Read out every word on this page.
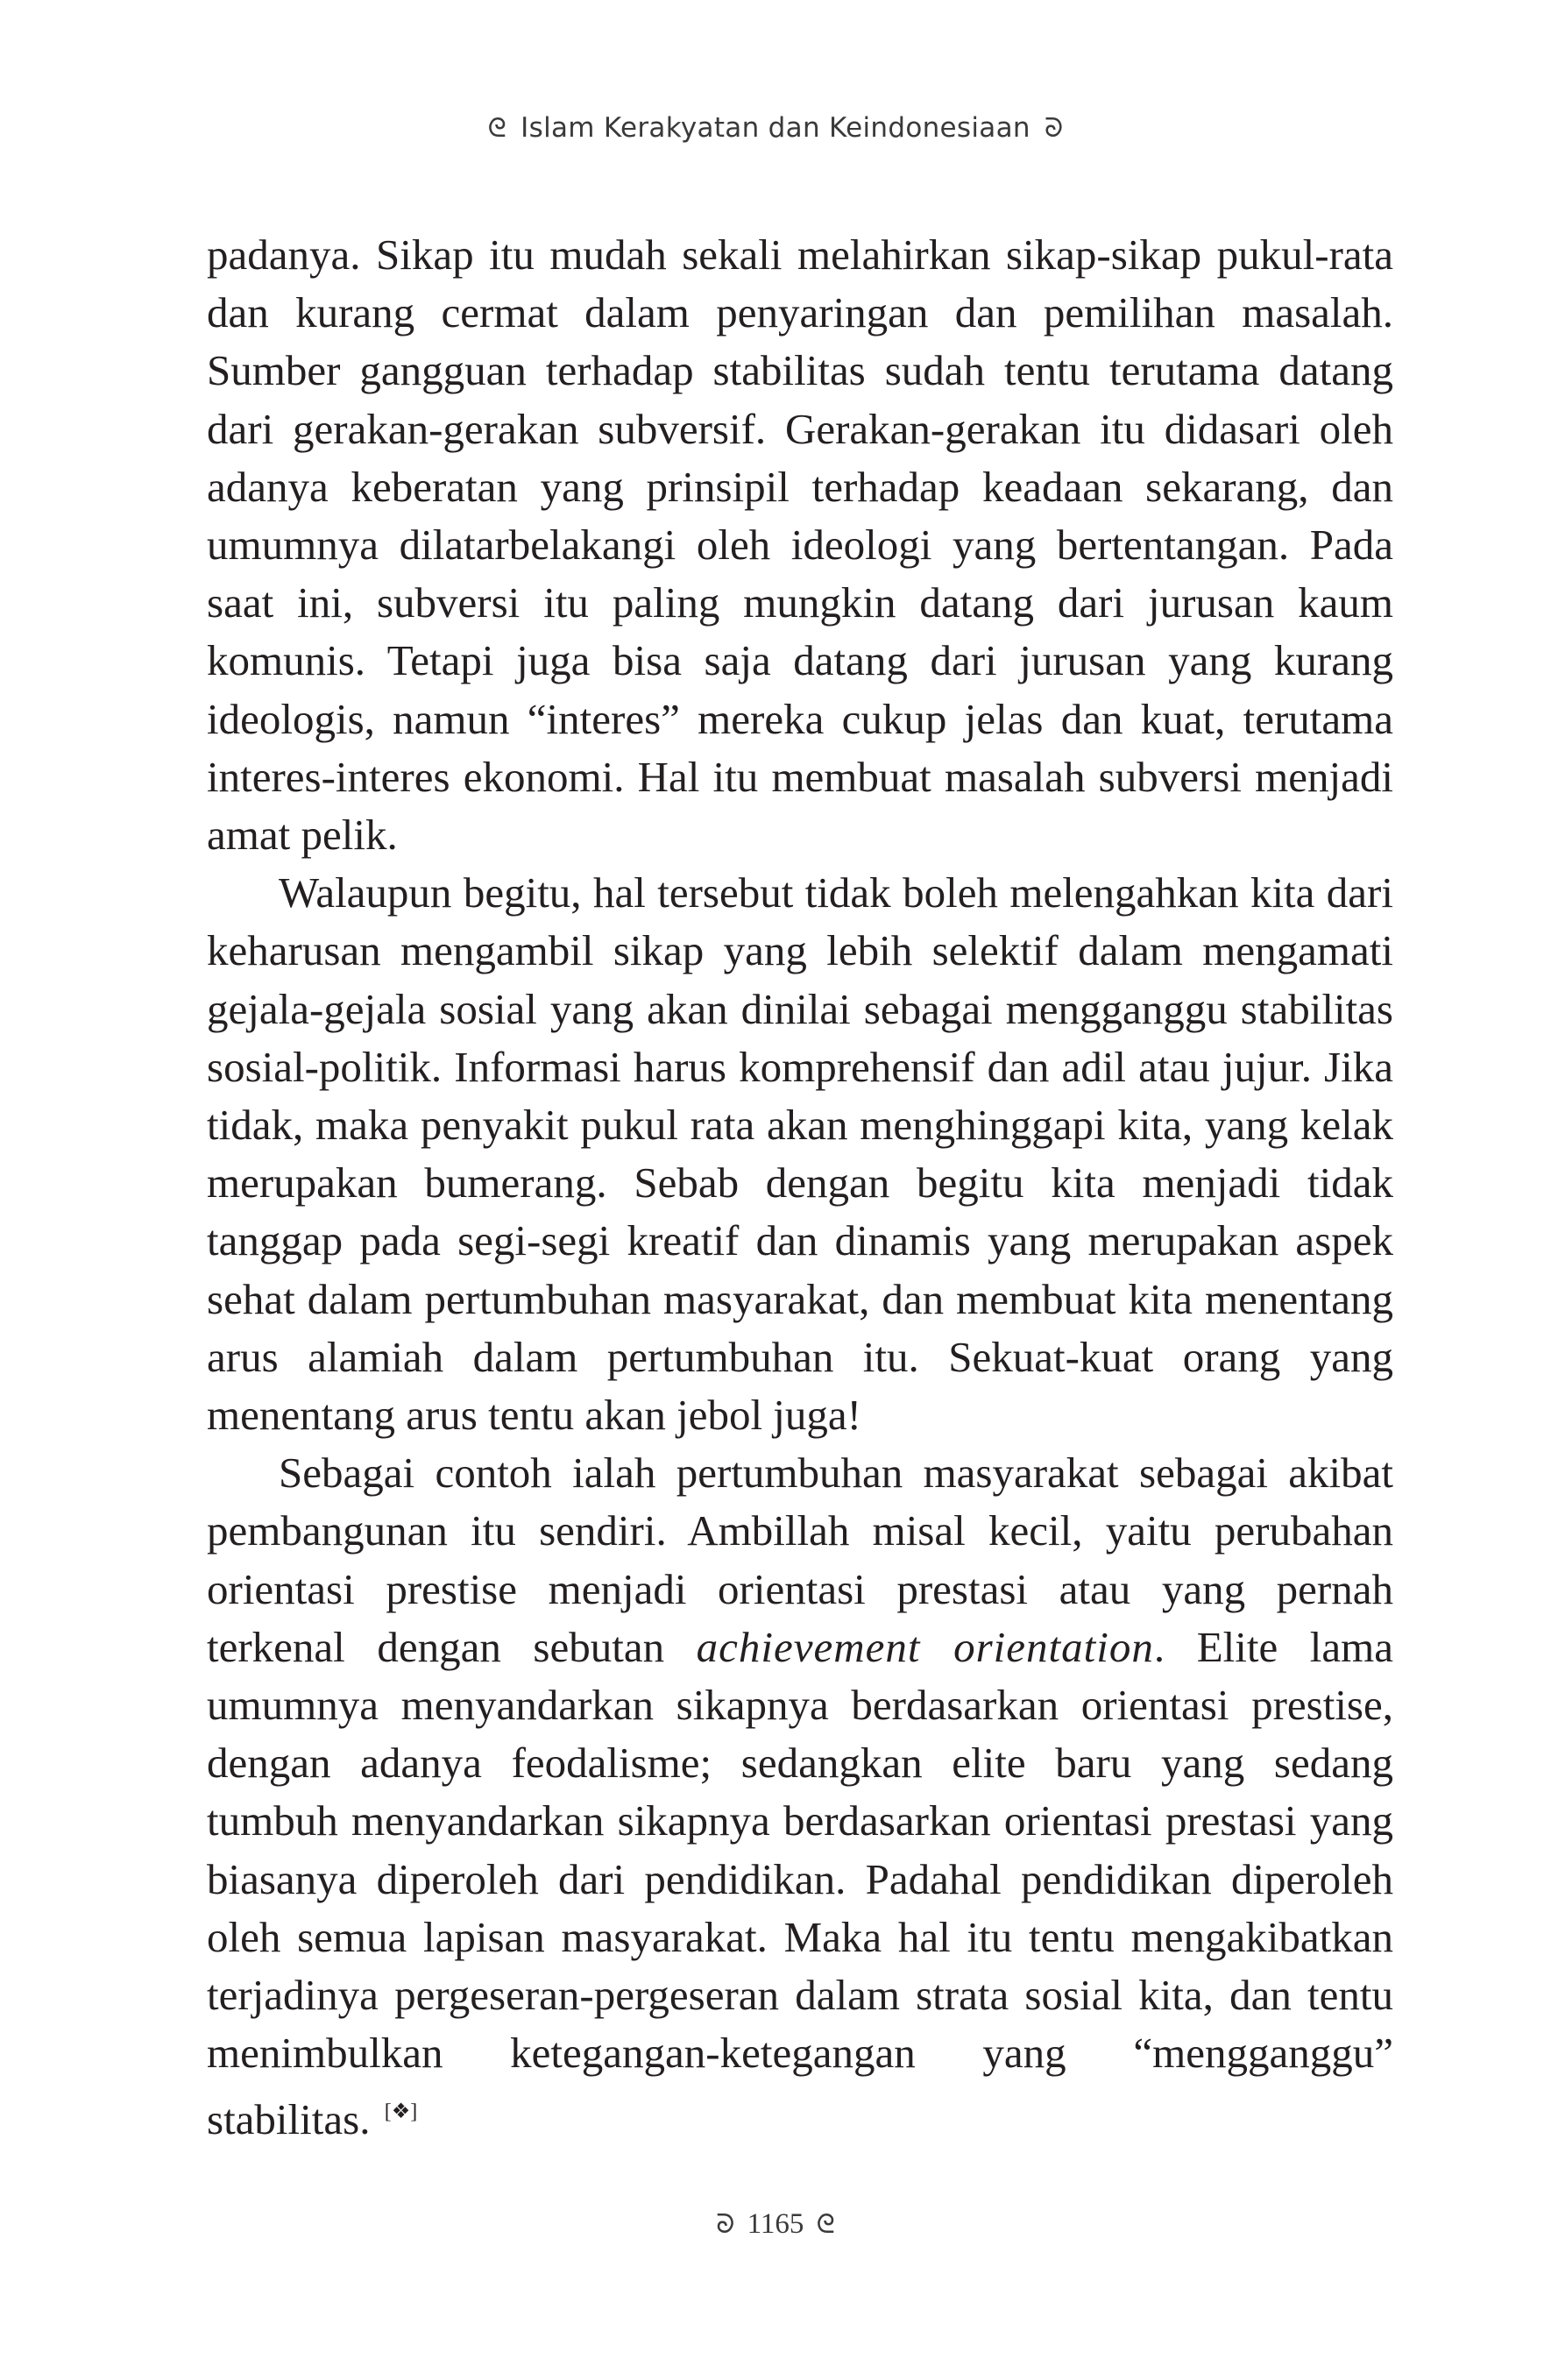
ᘓ Islam Kerakyatan dan Keindonesiaan ᘐ

padanya. Sikap itu mudah sekali melahirkan sikap-sikap pukul-rata dan kurang cermat dalam penyaringan dan pemilihan masalah. Sumber gangguan terhadap stabilitas sudah tentu terutama datang dari gerakan-gerakan subversif. Gerakan-gerakan itu didasari oleh adanya keberatan yang prinsipil terhadap keadaan sekarang, dan umumnya dilatarbelakangi oleh ideologi yang bertentangan. Pada saat ini, subversi itu paling mungkin datang dari jurusan kaum komunis. Tetapi juga bisa saja datang dari jurusan yang kurang ideologis, namun “interes” mereka cukup jelas dan kuat, terutama interes-interes ekonomi. Hal itu membuat masalah subversi menjadi amat pelik.

Walaupun begitu, hal tersebut tidak boleh melengahkan kita dari keharusan mengambil sikap yang lebih selektif dalam mengamati gejala-gejala sosial yang akan dinilai sebagai mengganggu stabilitas sosial-politik. Informasi harus komprehensif dan adil atau jujur. Jika tidak, maka penyakit pukul rata akan menghinggapi kita, yang kelak merupakan bumerang. Sebab dengan begitu kita menjadi tidak tanggap pada segi-segi kreatif dan dinamis yang merupakan aspek sehat dalam pertumbuhan masyarakat, dan membuat kita menentang arus alamiah dalam pertumbuhan itu. Sekuat-kuat orang yang menentang arus tentu akan jebol juga!

Sebagai contoh ialah pertumbuhan masyarakat sebagai akibat pembangunan itu sendiri. Ambillah misal kecil, yaitu perubahan orientasi prestise menjadi orientasi prestasi atau yang pernah terkenal dengan sebutan achievement orientation. Elite lama umumnya menyandarkan sikapnya berdasarkan orientasi prestise, dengan adanya feodalisme; sedangkan elite baru yang sedang tumbuh menyandarkan sikapnya berdasarkan orientasi prestasi yang biasanya diperoleh dari pendidikan. Padahal pendidikan diperoleh oleh semua lapisan masyarakat. Maka hal itu tentu mengakibatkan terjadinya pergeseran-pergeseran dalam strata sosial kita, dan tentu menimbulkan ketegangan-ketegangan yang “mengganggu” stabilitas. [❖]

ᘐ 1165 ᘓ
